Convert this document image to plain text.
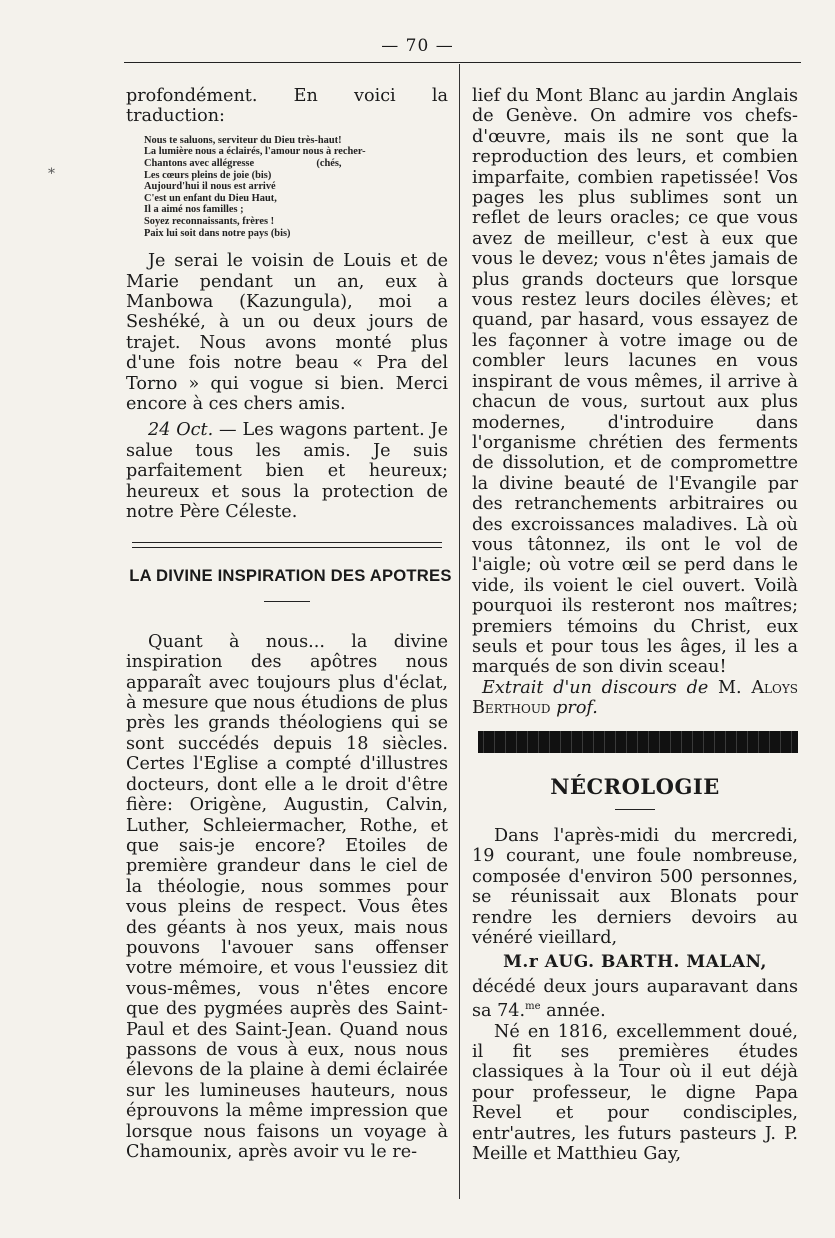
— 70 —
*

profondément. En voici la traduction:

Nous te saluons, serviteur du Dieu très-haut!
La lumière nous a éclairés, l'amour nous à recher-
Chantons avec allégresse                        (chés,
Les cœurs pleins de joie (bis)
Aujourd'hui il nous est arrivé
C'est un enfant du Dieu Haut,
Il a aimé nos familles ;
Soyez reconnaissants, frères !
Paix lui soit dans notre pays (bis)

Je serai le voisin de Louis et de Marie pendant un an, eux à Manbowa (Kazungula), moi a Seshéké, à un ou deux jours de trajet. Nous avons monté plus d'une fois notre beau « Pra del Torno » qui vogue si bien. Merci encore à ces chers amis.

24 Oct. — Les wagons partent. Je salue tous les amis. Je suis parfaitement bien et heureux; heureux et sous la protection de notre Père Céleste.

LA DIVINE INSPIRATION DES APOTRES

Quant à nous... la divine inspiration des apôtres nous apparaît avec toujours plus d'éclat, à mesure que nous étudions de plus près les grands théologiens qui se sont succédés depuis 18 siècles. Certes l'Eglise a compté d'illustres docteurs, dont elle a le droit d'être fière: Origène, Augustin, Calvin, Luther, Schleiermacher, Rothe, et que sais-je encore? Etoiles de première grandeur dans le ciel de la théologie, nous sommes pour vous pleins de respect. Vous êtes des géants à nos yeux, mais nous pouvons l'avouer sans offenser votre mémoire, et vous l'eussiez dit vous-mêmes, vous n'êtes encore que des pygmées auprès des Saint-Paul et des Saint-Jean. Quand nous passons de vous à eux, nous nous élevons de la plaine à demi éclairée sur les lumineuses hauteurs, nous éprouvons la même impression que lorsque nous faisons un voyage à Chamounix, après avoir vu le re-

lief du Mont Blanc au jardin Anglais de Genève. On admire vos chefs-d'œuvre, mais ils ne sont que la reproduction des leurs, et combien imparfaite, combien rapetissée! Vos pages les plus sublimes sont un reflet de leurs oracles; ce que vous avez de meilleur, c'est à eux que vous le devez; vous n'êtes jamais de plus grands docteurs que lorsque vous restez leurs dociles élèves; et quand, par hasard, vous essayez de les façonner à votre image ou de combler leurs lacunes en vous inspirant de vous mêmes, il arrive à chacun de vous, surtout aux plus modernes, d'introduire dans l'organisme chrétien des ferments de dissolution, et de compromettre la divine beauté de l'Evangile par des retranchements arbitraires ou des excroissances maladives. Là où vous tâtonnez, ils ont le vol de l'aigle; où votre œil se perd dans le vide, ils voient le ciel ouvert. Voilà pourquoi ils resteront nos maîtres; premiers témoins du Christ, eux seuls et pour tous les âges, il les a marqués de son divin sceau!

Extrait d'un discours de M. Aloys Berthoud prof.

NÉCROLOGIE

Dans l'après-midi du mercredi, 19 courant, une foule nombreuse, composée d'environ 500 personnes, se réunissait aux Blonats pour rendre les derniers devoirs au vénéré vieillard,

M.r AUG. BARTH. MALAN,

décédé deux jours auparavant dans sa 74.$^{me}$ année.

Né en 1816, excellemment doué, il fit ses premières études classiques à la Tour où il eut déjà pour professeur, le digne Papa Revel et pour condisciples, entr'autres, les futurs pasteurs J. P. Meille et Matthieu Gay,
